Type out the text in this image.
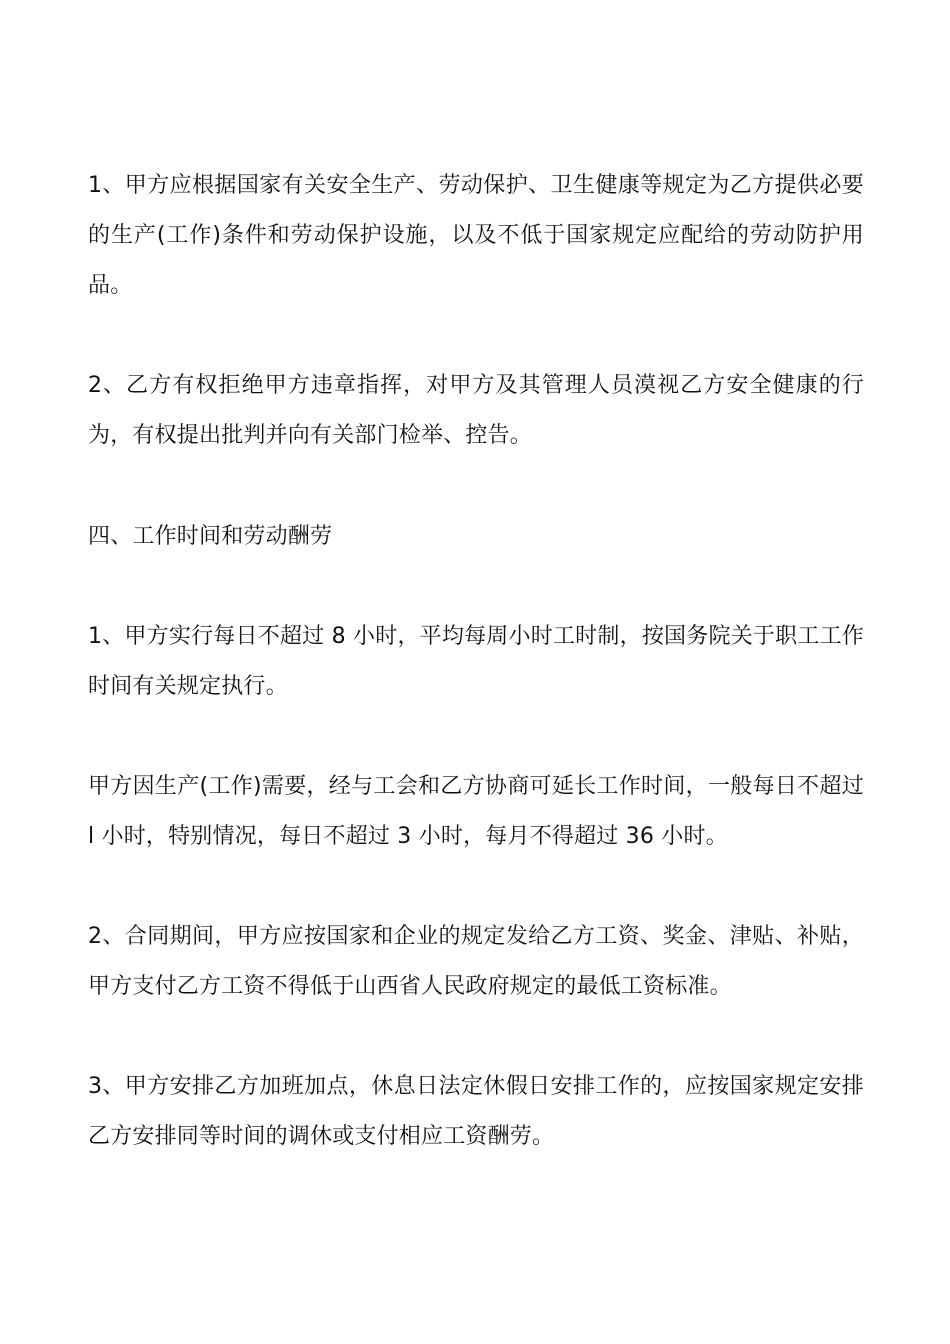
1、甲方应根据国家有关安全生产、劳动保护、卫生健康等规定为乙方提供必要的生产(工作)条件和劳动保护设施，以及不低于国家规定应配给的劳动防护用品。

2、乙方有权拒绝甲方违章指挥，对甲方及其管理人员漠视乙方安全健康的行为，有权提出批判并向有关部门检举、控告。

四、工作时间和劳动酬劳

1、甲方实行每日不超过 8 小时，平均每周小时工时制，按国务院关于职工工作时间有关规定执行。

甲方因生产(工作)需要，经与工会和乙方协商可延长工作时间，一般每日不超过 l 小时，特别情况，每日不超过 3 小时，每月不得超过 36 小时。

2、合同期间，甲方应按国家和企业的规定发给乙方工资、奖金、津贴、补贴，甲方支付乙方工资不得低于山西省人民政府规定的最低工资标准。

3、甲方安排乙方加班加点，休息日法定休假日安排工作的，应按国家规定安排乙方安排同等时间的调休或支付相应工资酬劳。
